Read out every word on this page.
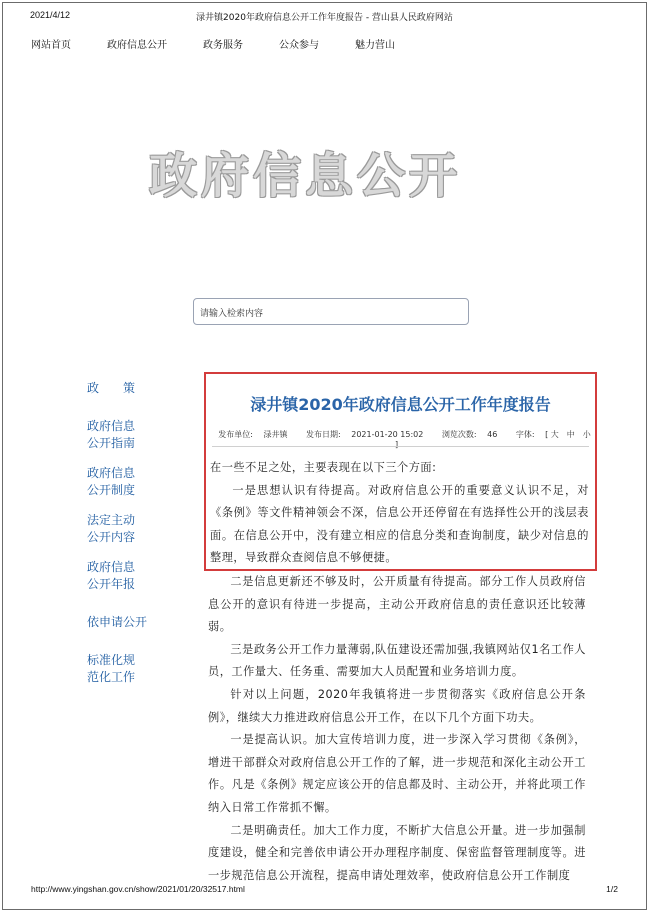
2021/4/12	渌井镇2020年政府信息公开工作年度报告 - 营山县人民政府网站
网站首页	政府信息公开	政务服务	公众参与	魅力营山
政府信息公开
请输入检索内容
政　　策
政府信息
公开指南
政府信息
公开制度
法定主动
公开内容
政府信息
公开年报
依申请公开
标准化规
范化工作

二是信息更新还不够及时，公开质量有待提高。部分工作人员政府信息公开的意识有待进一步提高，主动公开政府信息的责任意识还比较薄弱。

三是政务公开工作力量薄弱,队伍建设还需加强,我镇网站仅1名工作人员，工作量大、任务重、需要加大人员配置和业务培训力度。

针对以上问题，2020年我镇将进一步贯彻落实《政府信息公开条例》，继续大力推进政府信息公开工作，在以下几个方面下功夫。

一是提高认识。加大宣传培训力度，进一步深入学习贯彻《条例》，增进干部群众对政府信息公开工作的了解，进一步规范和深化主动公开工作。凡是《条例》规定应该公开的信息都及时、主动公开，并将此项工作纳入日常工作常抓不懈。

二是明确责任。加大工作力度，不断扩大信息公开量。进一步加强制度建设，健全和完善依申请公开办理程序制度、保密监督管理制度等。进一步规范信息公开流程，提高申请处理效率，使政府信息公开工作制度

渌井镇2020年政府信息公开工作年度报告
发布单位: 渌井镇 发布日期: 2021-01-20 15:02 浏览次数: 46 字体: [ 大　中　小 ]

在一些不足之处，主要表现在以下三个方面:

一是思想认识有待提高。对政府信息公开的重要意义认识不足，对《条例》等文件精神领会不深，信息公开还停留在有选择性公开的浅层表面。在信息公开中，没有建立相应的信息分类和查询制度，缺少对信息的整理，导致群众查阅信息不够便捷。

http://www.yingshan.gov.cn/show/2021/01/20/32517.html	1/2
